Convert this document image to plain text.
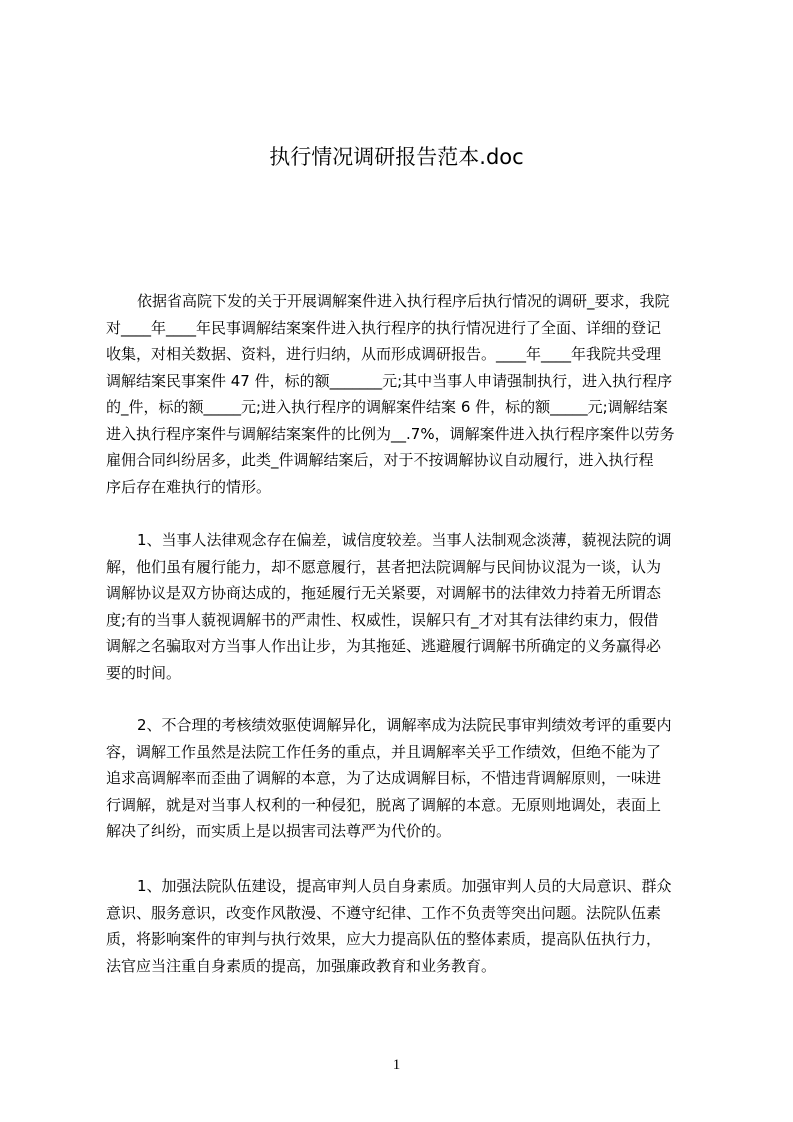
执行情况调研报告范本.doc
依据省高院下发的关于开展调解案件进入执行程序后执行情况的调研_要求，我院
对____年____年民事调解结案案件进入执行程序的执行情况进行了全面、详细的登记
收集，对相关数据、资料，进行归纳，从而形成调研报告。____年____年我院共受理
调解结案民事案件 47 件，标的额_______元;其中当事人申请强制执行，进入执行程序
的_件，标的额_____元;进入执行程序的调解案件结案 6 件，标的额_____元;调解结案
进入执行程序案件与调解结案案件的比例为__.7%，调解案件进入执行程序案件以劳务
雇佣合同纠纷居多，此类_件调解结案后，对于不按调解协议自动履行，进入执行程
序后存在难执行的情形。
1、当事人法律观念存在偏差，诚信度较差。当事人法制观念淡薄，藐视法院的调
解，他们虽有履行能力，却不愿意履行，甚者把法院调解与民间协议混为一谈，认为
调解协议是双方协商达成的，拖延履行无关紧要，对调解书的法律效力持着无所谓态
度;有的当事人藐视调解书的严肃性、权威性，误解只有_才对其有法律约束力，假借
调解之名骗取对方当事人作出让步，为其拖延、逃避履行调解书所确定的义务赢得必
要的时间。
2、不合理的考核绩效驱使调解异化，调解率成为法院民事审判绩效考评的重要内
容，调解工作虽然是法院工作任务的重点，并且调解率关乎工作绩效，但绝不能为了
追求高调解率而歪曲了调解的本意，为了达成调解目标，不惜违背调解原则，一味进
行调解，就是对当事人权利的一种侵犯，脱离了调解的本意。无原则地调处，表面上
解决了纠纷，而实质上是以损害司法尊严为代价的。
1、加强法院队伍建设，提高审判人员自身素质。加强审判人员的大局意识、群众
意识、服务意识，改变作风散漫、不遵守纪律、工作不负责等突出问题。法院队伍素
质，将影响案件的审判与执行效果，应大力提高队伍的整体素质，提高队伍执行力，
法官应当注重自身素质的提高，加强廉政教育和业务教育。
1
